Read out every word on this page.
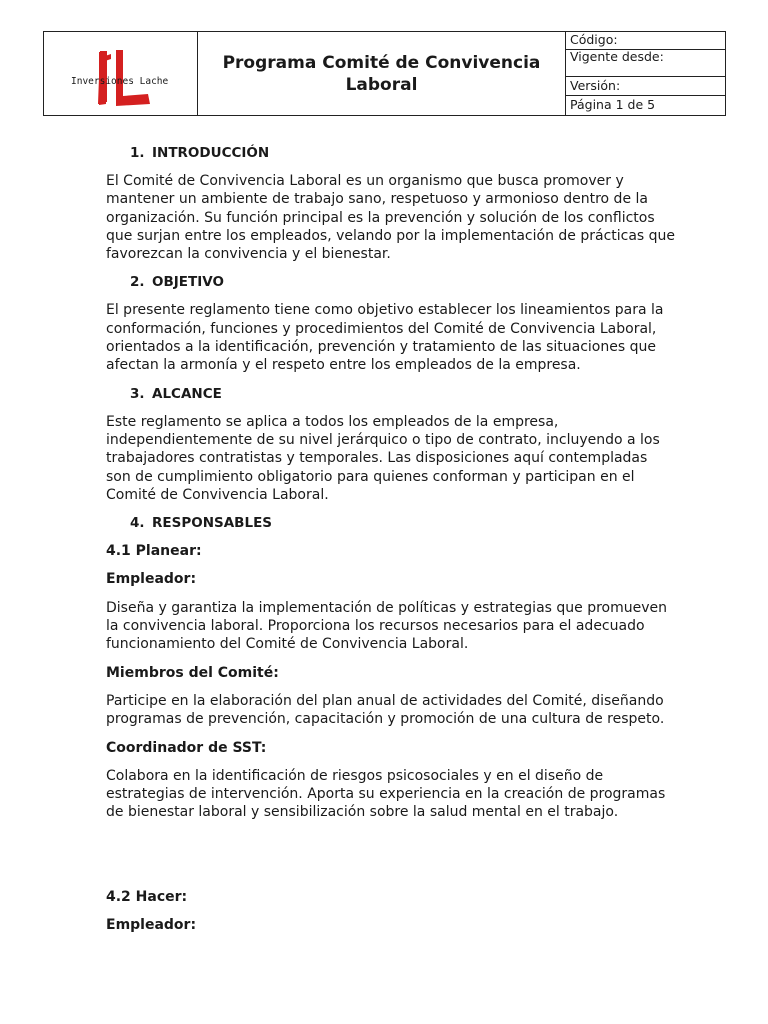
Inversiones Lache
Programa Comité de Convivencia Laboral
Código:
Vigente desde:
Versión:
Página 1 de 5
1. INTRODUCCIÓN
El Comité de Convivencia Laboral es un organismo que busca promover y mantener un ambiente de trabajo sano, respetuoso y armonioso dentro de la organización. Su función principal es la prevención y solución de los conflictos que surjan entre los empleados, velando por la implementación de prácticas que favorezcan la convivencia y el bienestar.
2. OBJETIVO
El presente reglamento tiene como objetivo establecer los lineamientos para la conformación, funciones y procedimientos del Comité de Convivencia Laboral, orientados a la identificación, prevención y tratamiento de las situaciones que afectan la armonía y el respeto entre los empleados de la empresa.
3. ALCANCE
Este reglamento se aplica a todos los empleados de la empresa, independientemente de su nivel jerárquico o tipo de contrato, incluyendo a los trabajadores contratistas y temporales. Las disposiciones aquí contempladas son de cumplimiento obligatorio para quienes conforman y participan en el Comité de Convivencia Laboral.
4. RESPONSABLES
4.1 Planear:
Empleador:
Diseña y garantiza la implementación de políticas y estrategias que promueven la convivencia laboral. Proporciona los recursos necesarios para el adecuado funcionamiento del Comité de Convivencia Laboral.
Miembros del Comité:
Participe en la elaboración del plan anual de actividades del Comité, diseñando programas de prevención, capacitación y promoción de una cultura de respeto.
Coordinador de SST:
Colabora en la identificación de riesgos psicosociales y en el diseño de estrategias de intervención. Aporta su experiencia en la creación de programas de bienestar laboral y sensibilización sobre la salud mental en el trabajo.
4.2 Hacer:
Empleador:
